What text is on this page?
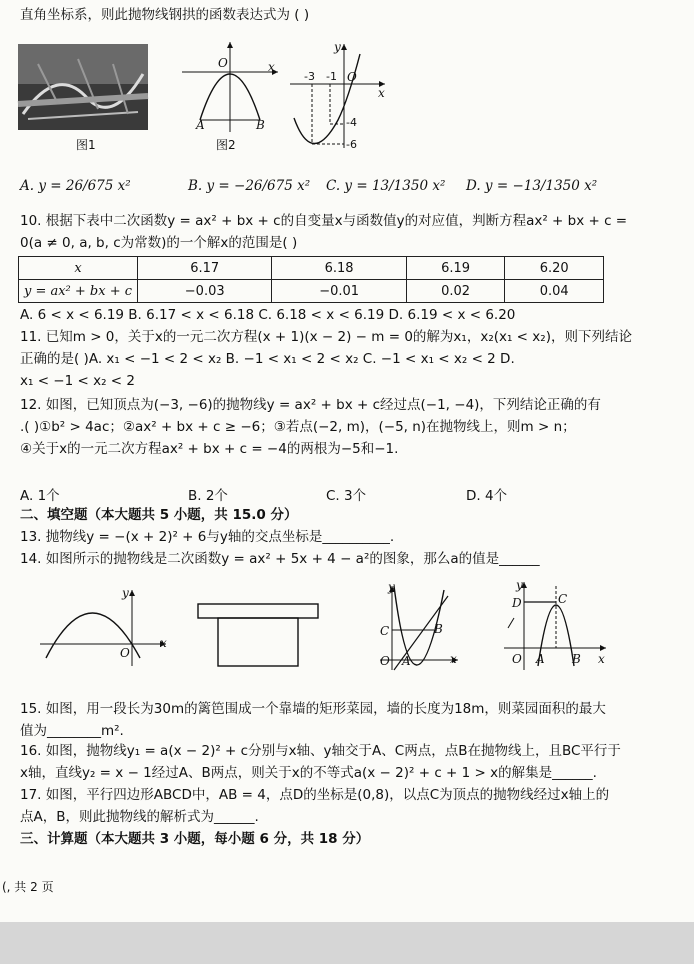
直角坐标系，则此抛物线钢拱的函数表达式为 ( )
图1
O	x
A	B
图2
y
x
O
-3 -1
-4
-6
A. y = 26/675 x²	B. y = −26/675 x² C. y = 13/1350 x² D. y = −13/1350 x²
10. 根据下表中二次函数y = ax² + bx + c的自变量x与函数值y的对应值，判断方程ax² + bx + c =
0(a ≠ 0, a, b, c为常数)的一个解x的范围是( )
x	6.17	6.18	6.19	6.20
y = ax² + bx + c	−0.03	−0.01	0.02	0.04
A. 6 < x < 6.19 B. 6.17 < x < 6.18 C. 6.18 < x < 6.19 D. 6.19 < x < 6.20
11. 已知m > 0，关于x的一元二次方程(x + 1)(x − 2) − m = 0的解为x₁，x₂(x₁ < x₂)，则下列结论
正确的是( )A. x₁ < −1 < 2 < x₂ B. −1 < x₁ < 2 < x₂ C. −1 < x₁ < x₂ < 2 D.
x₁ < −1 < x₂ < 2
12. 如图，已知顶点为(−3, −6)的抛物线y = ax² + bx + c经过点(−1, −4)，下列结论正确的有
.( )①b² > 4ac；②ax² + bx + c ≥ −6；③若点(−2, m)，(−5, n)在抛物线上，则m > n；
④关于x的一元二次方程ax² + bx + c = −4的两根为−5和−1.
A. 1个	B. 2个	C. 3个	D. 4个
二、填空题（本大题共 5 小题，共 15.0 分）
13. 抛物线y = −(x + 2)² + 6与y轴的交点坐标是__________.
14. 如图所示的抛物线是二次函数y = ax² + 5x + 4 − a²的图象，那么a的值是______
y
x
O
y
x
O
C	B
A
y
x
O
D	C
A B
15. 如图，用一段长为30m的篱笆围成一个靠墙的矩形菜园，墙的长度为18m，则菜园面积的最大
值为________m².
16. 如图，抛物线y₁ = a(x − 2)² + c分别与x轴、y轴交于A、C两点，点B在抛物线上，且BC平行于
x轴，直线y₂ = x − 1经过A、B两点，则关于x的不等式a(x − 2)² + c + 1 > x的解集是______.
17. 如图，平行四边形ABCD中，AB = 4，点D的坐标是(0,8)，以点C为顶点的抛物线经过x轴上的
点A，B，则此抛物线的解析式为______.
三、计算题（本大题共 3 小题，每小题 6 分，共 18 分）
(, 共 2 页
